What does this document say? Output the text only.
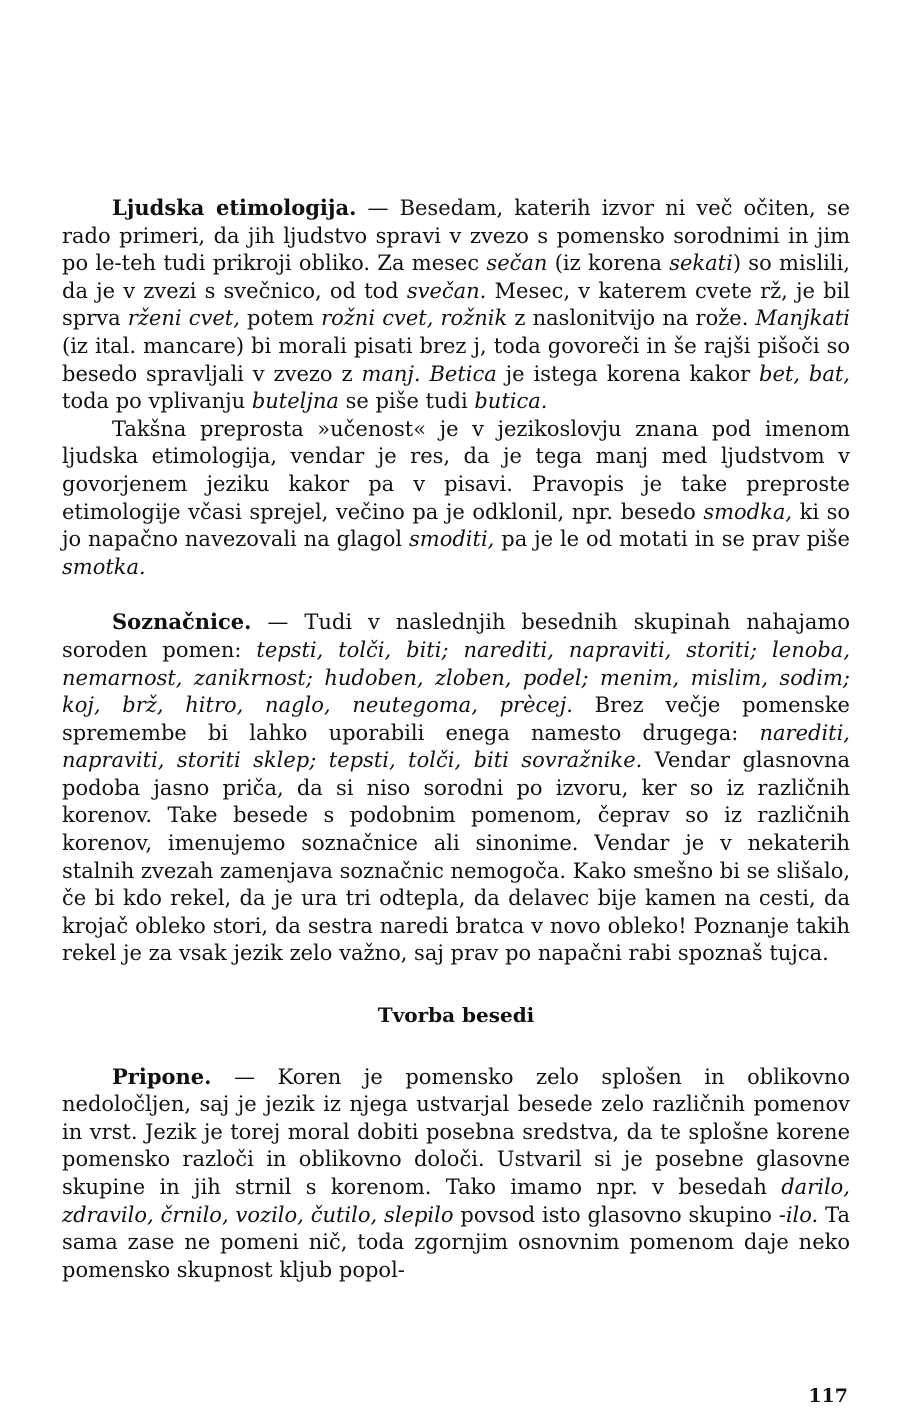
Ljudska etimologija. — Besedam, katerih izvor ni več očiten, se rado primeri, da jih ljudstvo spravi v zvezo s pomensko sorodnimi in jim po le-teh tudi prikroji obliko. Za mesec sečan (iz korena sekati) so mislili, da je v zvezi s svečnico, od tod svečan. Mesec, v katerem cvete rž, je bil sprva rženi cvet, potem rožni cvet, rožnik z naslonitvijo na rože. Manjkati (iz ital. mancare) bi morali pisati brez j, toda govoreči in še rajši pišoči so besedo spravljali v zvezo z manj. Betica je istega korena kakor bet, bat, toda po vplivanju buteljna se piše tudi butica.

Takšna preprosta »učenost« je v jezikoslovju znana pod imenom ljudska etimologija, vendar je res, da je tega manj med ljudstvom v govorjenem jeziku kakor pa v pisavi. Pravopis je take preproste etimologije včasi sprejel, večino pa je odklonil, npr. besedo smodka, ki so jo napačno navezovali na glagol smoditi, pa je le od motati in se prav piše smotka.

Soznačnice. — Tudi v naslednjih besednih skupinah nahajamo soroden pomen: tepsti, tolči, biti; narediti, napraviti, storiti; lenoba, nemarnost, zanikrnost; hudoben, zloben, podel; menim, mislim, sodim; koj, brž, hitro, naglo, neutegoma, prècej. Brez večje pomenske spremembe bi lahko uporabili enega namesto drugega: narediti, napraviti, storiti sklep; tepsti, tolči, biti sovražnike. Vendar glasnovna podoba jasno priča, da si niso sorodni po izvoru, ker so iz različnih korenov. Take besede s podobnim pomenom, čeprav so iz različnih korenov, imenujemo soznačnice ali sinonime. Vendar je v nekaterih stalnih zvezah zamenjava soznačnic nemogoča. Kako smešno bi se slišalo, če bi kdo rekel, da je ura tri odteplа, da delavec bije kamen na cesti, da krojač obleko stori, da sestra naredi bratca v novo obleko! Poznanje takih rekel je za vsak jezik zelo važno, saj prav po napačni rabi spoznaš tujca.

Tvorba besedi

Pripone. — Koren je pomensko zelo splošen in oblikovno nedoločljen, saj je jezik iz njega ustvarjal besede zelo različnih pomenov in vrst. Jezik je torej moral dobiti posebna sredstva, da te splošne korene pomensko razloči in oblikovno določi. Ustvaril si je posebne glasovne skupine in jih strnil s korenom. Tako imamo npr. v besedah darilo, zdravilo, črnilo, vozilo, čutilo, slepilo povsod isto glasovno skupino -ilo. Ta sama zase ne pomeni nič, toda zgornjim osnovnim pomenom daje neko pomensko skupnost kljub popol-

117
